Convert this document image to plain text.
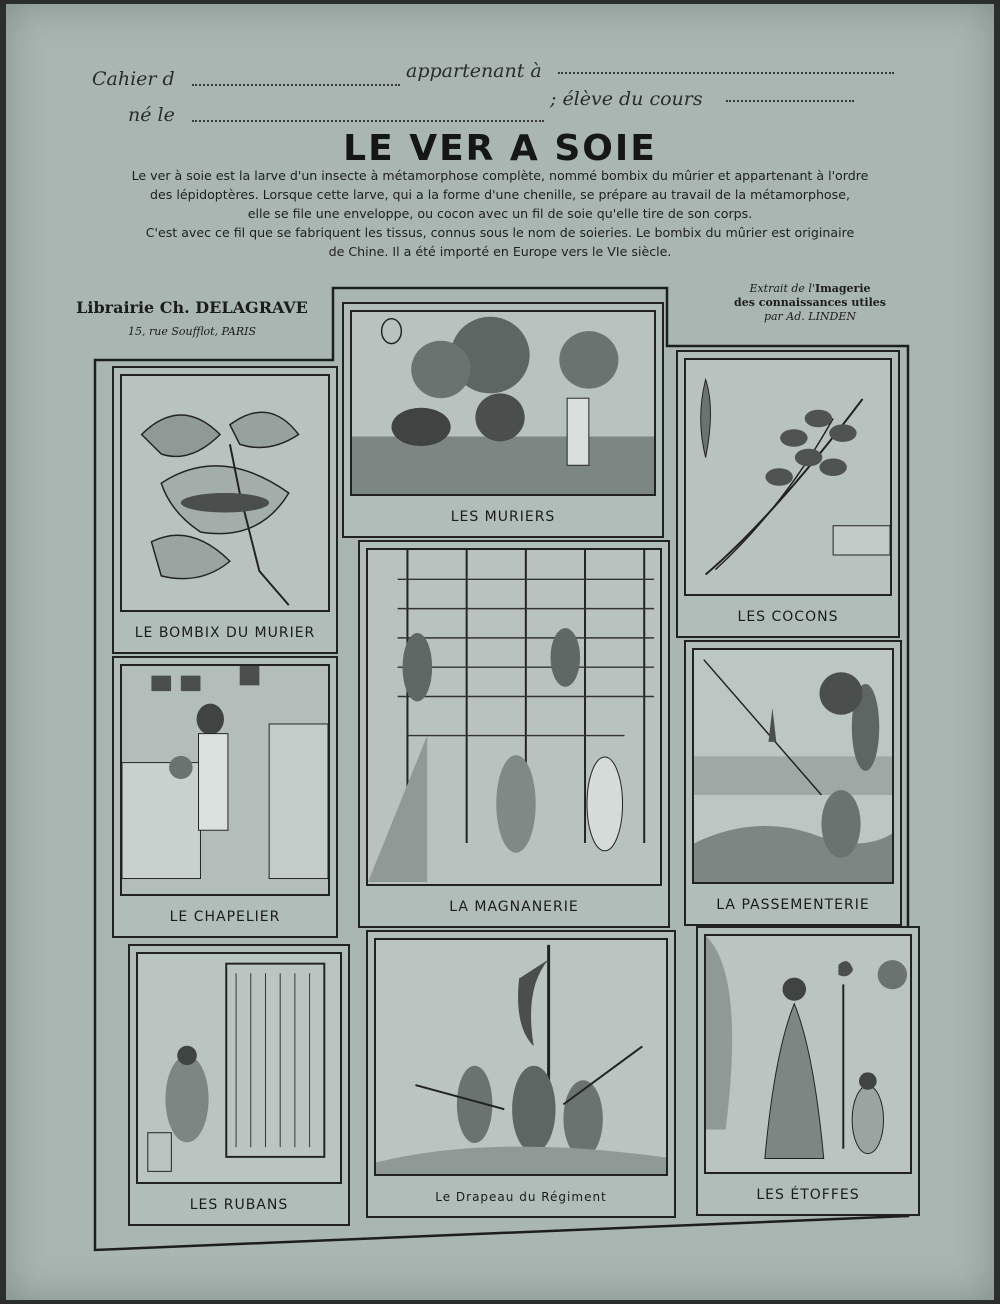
Cahier d	appartenant à
né le
; élève du cours
LE VER A SOIE
Le ver à soie est la larve d'un insecte à métamorphose complète, nommé bombix du mûrier et appartenant à l'ordre
des lépidoptères. Lorsque cette larve, qui a la forme d'une chenille, se prépare au travail de la métamorphose,
elle se file une enveloppe, ou cocon avec un fil de soie qu'elle tire de son corps.
C'est avec ce fil que se fabriquent les tissus, connus sous le nom de soieries. Le bombix du mûrier est originaire
de Chine. Il a été importé en Europe vers le VIe siècle.
Librairie Ch. DELAGRAVE
15, rue Soufflot, PARIS
Extrait de l'Imagerie
des connaissances utiles
par Ad. LINDEN
LE BOMBIX DU MURIER
LES MURIERS
LES COCONS
LE CHAPELIER
LA MAGNANERIE	LA PASSEMENTERIE
LES RUBANS	Le Drapeau du Régiment	LES ÉTOFFES
